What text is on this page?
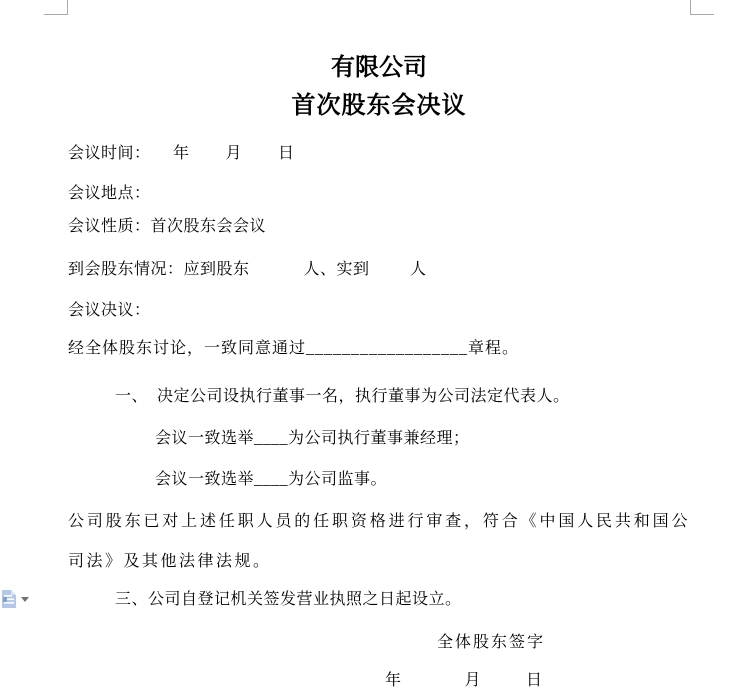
有限公司
首次股东会决议

会议时间：     年        月        日

会议地点：

会议性质：首次股东会会议

到会股东情况：应到股东            人、实到         人

会议决议：

经全体股东讨论，一致同意通过__________________章程。

一、  决定公司设执行董事一名，执行董事为公司法定代表人。

会议一致选举____为公司执行董事兼经理；

会议一致选举____为公司监事。

公司股东已对上述任职人员的任职资格进行审查，符合《中国人民共和国公司法》及其他法律法规。

三、公司自登记机关签发营业执照之日起设立。

全体股东签字

年              月          日
